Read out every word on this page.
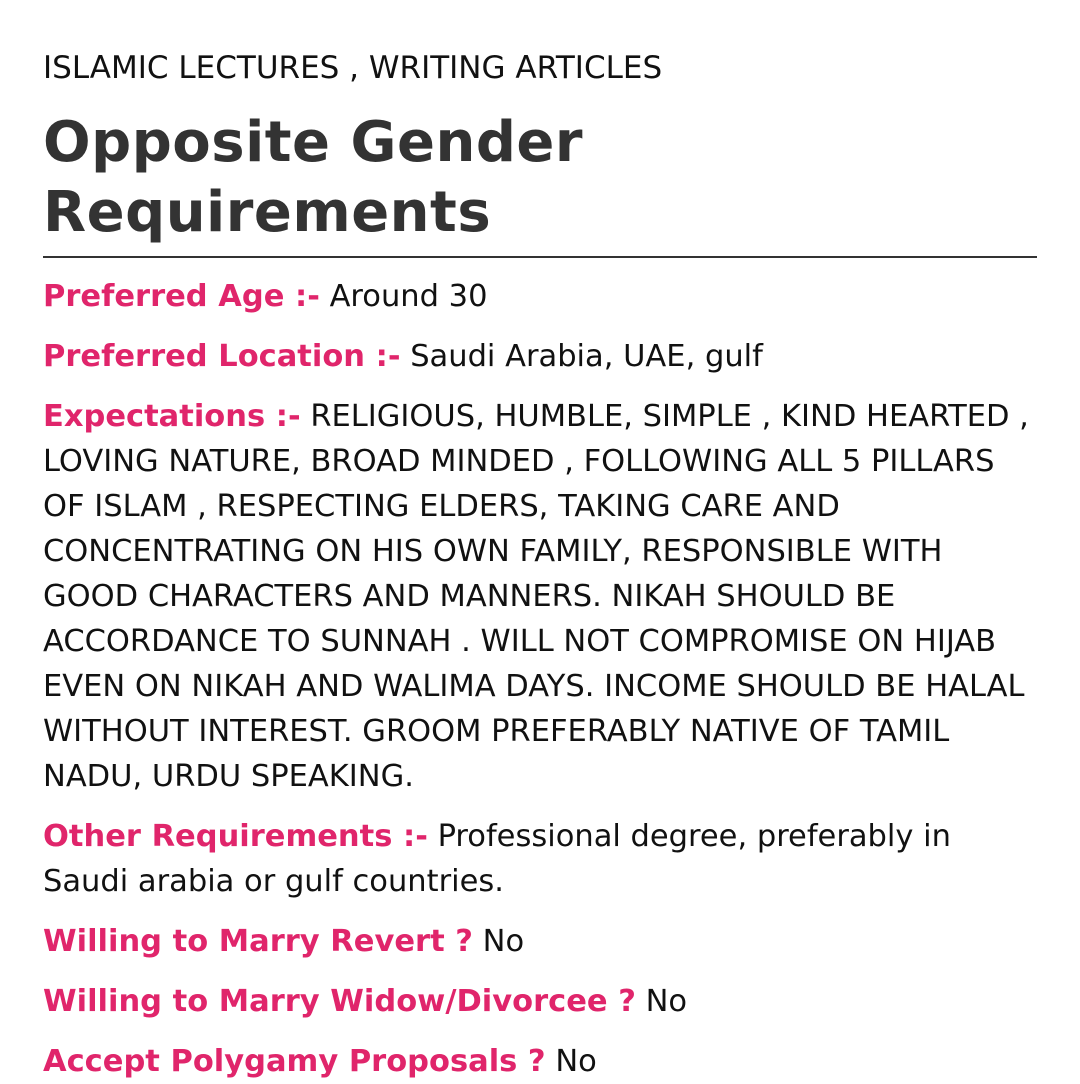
ISLAMIC LECTURES , WRITING ARTICLES

Opposite Gender Requirements

Preferred Age :- Around 30

Preferred Location :- Saudi Arabia, UAE, gulf

Expectations :- RELIGIOUS, HUMBLE, SIMPLE , KIND HEARTED , LOVING NATURE, BROAD MINDED , FOLLOWING ALL 5 PILLARS OF ISLAM , RESPECTING ELDERS, TAKING CARE AND CONCENTRATING ON HIS OWN FAMILY, RESPONSIBLE WITH GOOD CHARACTERS AND MANNERS. NIKAH SHOULD BE ACCORDANCE TO SUNNAH . WILL NOT COMPROMISE ON HIJAB EVEN ON NIKAH AND WALIMA DAYS. INCOME SHOULD BE HALAL WITHOUT INTEREST. GROOM PREFERABLY NATIVE OF TAMIL NADU, URDU SPEAKING.

Other Requirements :- Professional degree, preferably in Saudi arabia or gulf countries.

Willing to Marry Revert ? No

Willing to Marry Widow/Divorcee ? No

Accept Polygamy Proposals ? No
